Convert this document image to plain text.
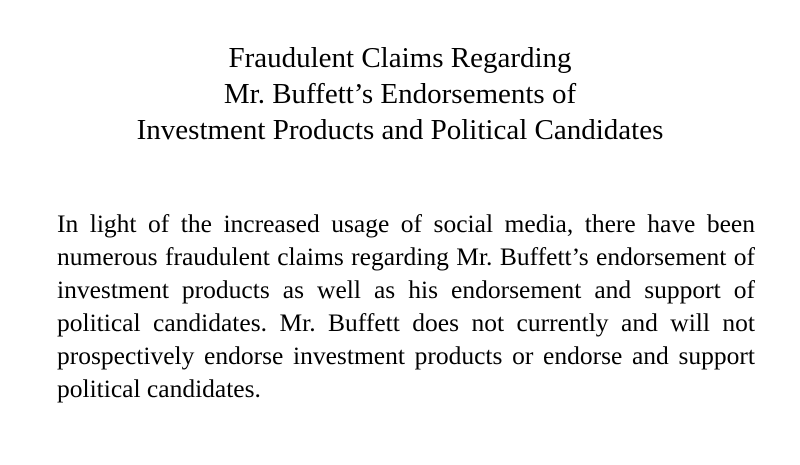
Fraudulent Claims Regarding
Mr. Buffett’s Endorsements of
Investment Products and Political Candidates

In light of the increased usage of social media, there have been numerous fraudulent claims regarding Mr. Buffett’s endorsement of investment products as well as his endorsement and support of political candidates. Mr. Buffett does not currently and will not prospectively endorse investment products or endorse and support political candidates.
